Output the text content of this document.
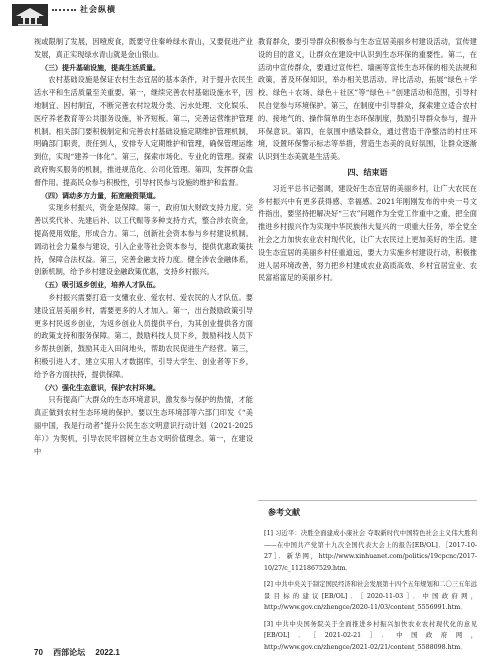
社会纵横

视或限制了发展，因噎废食，既要守住秦岭绿水青山，又要促进产业发展，真正实现绿水青山就是金山银山。

（三）提升基础设施，提高生活质量。

农村基础设施是保证农村生态宜居的基本条件，对于提升农民生活水平和生活质量至关重要。第一，继续完善农村基础设施水平，因地制宜、因村制宜，不断完善农村垃圾分类、污水处理、文化娱乐、医疗养老教育等公共服务设施，补齐短板。第二，完善运营维护管理机制。相关部门要积极制定和完善农村基础设施定期维护管理机制，明确部门职责，责任到人，安排专人定期维护和管理，确保管理运维到位，实现“建养一体化”。第三，探索市场化、专业化的管理。探索政府购买服务的机制，推进规范化、公司化管理。第四，发挥群众监督作用。提高民众参与积极性，引导村民参与设施的维护和监督。

（四）调动多方力量，拓宽融资渠道。

实现乡村振兴，资金是保障。第一，政府加大财政支持力度。完善以奖代补、先建后补、以工代赈等多种支持方式，整合涉农资金，提高使用效能，形成合力。第二，创新社会资本参与乡村建设机制。调动社会力量参与建设，引入企业等社会资本参与，提供优惠政策扶持，保障合法权益。第三，完善金融支持力度。健全涉农金融体系，创新机制，给予乡村建设金融政策优惠，支持乡村振兴。

（五）吸引返乡创业，培养人才队伍。

乡村振兴需要打造一支懂农业、爱农村、爱农民的人才队伍。要建设宜居美丽乡村，需要更多的人才加入。第一，出台鼓励政策引导更多村民返乡创业，为返乡创业人员提供平台，为其创业提供各方面的政策支持和服务保障。第二，鼓励科技人员下乡，鼓励科技人员下乡帮扶创新，鼓励其走入田间地头，帮助农民促进生产经营。第三，积极引进人才，建立实用人才数据库，引导大学生、创业者等下乡，给予各方面扶持，提供保障。

（六）强化生态意识，保护农村环境。

只有提高广大群众的生态环境意识，激发参与保护的热情，才能真正做到农村生态环境的保护。要以生态环境部等六部门印发《“美丽中国，我是行动者”提升公民生态文明意识行动计划（2021-2025年）》为契机，引导农民牢固树立生态文明价值理念。第一，在建设中

教育群众，要引导群众积极参与生态宜居美丽乡村建设活动，宣传建设的目的意义，让群众在建设中认识到生态环保的重要性。第二，在活动中宣传群众，要通过宣传栏、墙画等宣传生态环保的相关法规和政策，普及环保知识，举办相关思活动、评比活动，拓展“绿色＋学校、绿色＋农场、绿色＋社区”等“绿色＋”创建活动和范围，引导村民自觉参与环境保护。第三，在制度中引导群众，探索建立适合农村的、接地气的、操作简单的生态环保制度，鼓励引导群众参与，提升环保意识。第四，在氛围中感染群众，通过营造干净整洁的村庄环境，设置环保警示标志等举措，营造生态美的良好氛围，让群众逐渐认识到生态美就是生活美。

四、结束语

习近平总书记强调，建设好生态宜居的美丽乡村，让广大农民在乡村振兴中有更多获得感、幸福感。2021年刚刚发布的中央一号文件指出，要坚持把解决好“三农”问题作为全党工作重中之重，把全面推进乡村振兴作为实现中华民族伟大复兴的一项重大任务，举全党全社会之力加快农业农村现代化，让广大农民过上更加美好的生活。建设生态宜居的美丽乡村任重道远，要大力实施乡村建设行动，积极推进人居环境改善，努力把乡村建成农业高质高效、乡村宜居宜业、农民富裕富足的美丽乡村。

参考文献
[1] 习近平：决胜全面建成小康社会 夺取新时代中国特色社会主义伟大胜利——在中国共产党第十九次全国代表大会上的报告[EB/OL]．［2017-10-27］．新华网，http://www.xinhuanet.com/politics/19cpcnc/2017-10/27/c_1121867529.htm．
[2] 中共中央关于制定国民经济和社会发展第十四个五年规划和二〇三五年远景目标的建议[EB/OL]．［2020-11-03］．中国政府网，http://www.gov.cn/zhengce/2020-11/03/content_5556991.htm．
[3] 中共中央国务院关于全面推进乡村振兴加快农业农村现代化的意见[EB/OL]．［2021-02-21］．中国政府网，http://www.gov.cn/zhengce/2021-02/21/content_5588098.htm．
70 西部论坛 2022.1
